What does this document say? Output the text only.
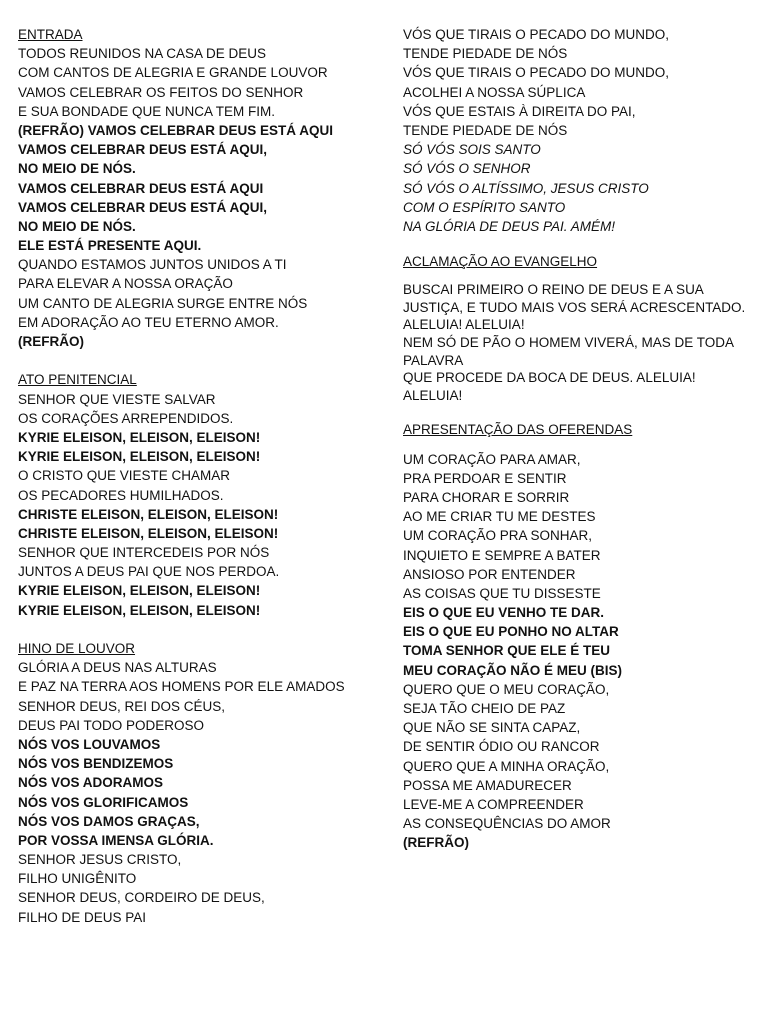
ENTRADA
TODOS REUNIDOS NA CASA DE DEUS
COM CANTOS DE ALEGRIA E GRANDE LOUVOR
VAMOS CELEBRAR OS FEITOS DO SENHOR
E SUA BONDADE QUE NUNCA TEM FIM.
(REFRÃO) VAMOS CELEBRAR DEUS ESTÁ AQUI
VAMOS CELEBRAR DEUS ESTÁ AQUI,
NO MEIO DE NÓS.
VAMOS CELEBRAR DEUS ESTÁ AQUI
VAMOS CELEBRAR DEUS ESTÁ AQUI,
NO MEIO DE NÓS.
ELE ESTÁ PRESENTE AQUI.
QUANDO ESTAMOS JUNTOS UNIDOS A TI
PARA ELEVAR A NOSSA ORAÇÃO
UM CANTO DE ALEGRIA SURGE ENTRE NÓS
EM ADORAÇÃO AO TEU ETERNO AMOR.
(REFRÃO)
ATO PENITENCIAL
SENHOR QUE VIESTE SALVAR
OS CORAÇÕES ARREPENDIDOS.
KYRIE ELEISON, ELEISON, ELEISON!
KYRIE ELEISON, ELEISON, ELEISON!
O CRISTO QUE VIESTE CHAMAR
OS PECADORES HUMILHADOS.
CHRISTE ELEISON, ELEISON, ELEISON!
CHRISTE ELEISON, ELEISON, ELEISON!
SENHOR QUE INTERCEDEIS POR NÓS
JUNTOS A DEUS PAI QUE NOS PERDOA.
KYRIE ELEISON, ELEISON, ELEISON!
KYRIE ELEISON, ELEISON, ELEISON!
HINO DE LOUVOR
GLÓRIA A DEUS NAS ALTURAS
E PAZ NA TERRA AOS HOMENS POR ELE AMADOS
SENHOR DEUS, REI DOS CÉUS,
DEUS PAI TODO PODEROSO
NÓS VOS LOUVAMOS
NÓS VOS BENDIZEMOS
NÓS VOS ADORAMOS
NÓS VOS GLORIFICAMOS
NÓS VOS DAMOS GRAÇAS,
POR VOSSA IMENSA GLÓRIA.
SENHOR JESUS CRISTO,
FILHO UNIGÊNITO
SENHOR DEUS, CORDEIRO DE DEUS,
FILHO DE DEUS PAI
VÓS QUE TIRAIS O PECADO DO MUNDO,
TENDE PIEDADE DE NÓS
VÓS QUE TIRAIS O PECADO DO MUNDO,
ACOLHEI A NOSSA SÚPLICA
VÓS QUE ESTAIS À DIREITA DO PAI,
TENDE PIEDADE DE NÓS
SÓ VÓS SOIS SANTO
SÓ VÓS O SENHOR
SÓ VÓS O ALTÍSSIMO, JESUS CRISTO
COM O ESPÍRITO SANTO
NA GLÓRIA DE DEUS PAI. AMÉM!
ACLAMAÇÃO AO EVANGELHO
BUSCAI PRIMEIRO O REINO DE DEUS E A SUA JUSTIÇA, E TUDO MAIS VOS SERÁ ACRESCENTADO. ALELUIA! ALELUIA!
NEM SÓ DE PÃO O HOMEM VIVERÁ, MAS DE TODA PALAVRA
QUE PROCEDE DA BOCA DE DEUS. ALELUIA! ALELUIA!
APRESENTAÇÃO DAS OFERENDAS
UM CORAÇÃO PARA AMAR,
PRA PERDOAR E SENTIR
PARA CHORAR E SORRIR
AO ME CRIAR TU ME DESTES
UM CORAÇÃO PRA SONHAR,
INQUIETO E SEMPRE A BATER
ANSIOSO POR ENTENDER
AS COISAS QUE TU DISSESTE
EIS O QUE EU VENHO TE DAR.
EIS O QUE EU PONHO NO ALTAR
TOMA SENHOR QUE ELE É TEU
MEU CORAÇÃO NÃO É MEU (BIS)
QUERO QUE O MEU CORAÇÃO,
SEJA TÃO CHEIO DE PAZ
QUE NÃO SE SINTA CAPAZ,
DE SENTIR ÓDIO OU RANCOR
QUERO QUE A MINHA ORAÇÃO,
POSSA ME AMADURECER
LEVE-ME A COMPREENDER
AS CONSEQUÊNCIAS DO AMOR
(REFRÃO)
